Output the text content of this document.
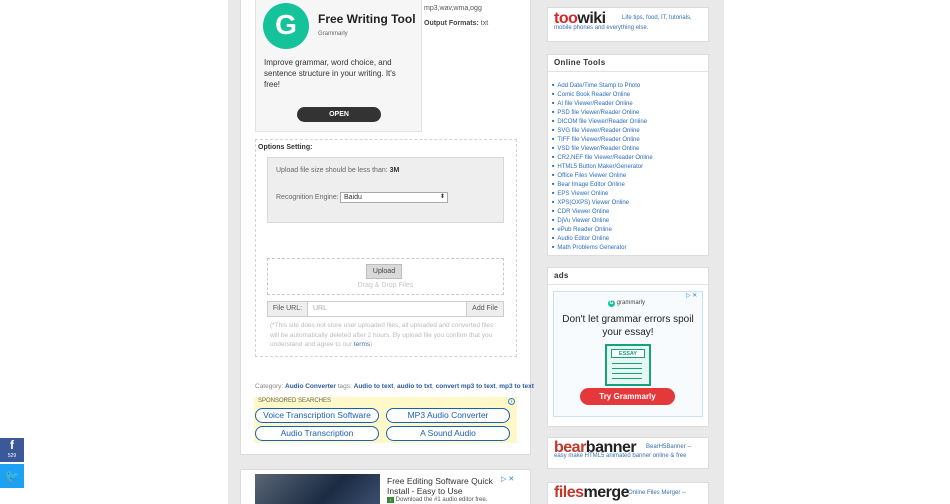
G	Free Writing Tool
Grammarly
Improve grammar, word choice, and sentence structure in your writing. It's free!
OPEN
mp3,wav,wma,ogg
Output Formats: txt
Options Setting:
Upload file size should be less than: 3M
Recognition Engine: Baidu	⬍
Upload
Drag & Drop Files
File URL:	URL	Add File
(*This site does not store user uploaded files, all uploaded and converted files will be automatically deleted after 2 hours. By upload file you confirm that you understand and agree to our terms)
Category: Audio Converter tags: Audio to text, audio to txt, convert mp3 to text, mp3 to text
SPONSORED SEARCHES	i
Voice Transcription Software	MP3 Audio Converter
Audio Transcription	A Sound Audio
Free Editing Software Quick Install - Easy to Use
↓ Download the #1 audio editor free.
▷ ✕
Life tips, food, IT, tutorials, mobile phones and everything else.
toowiki
Online Tools
■ Add Date/Time Stamp to Photo
■ Comic Book Reader Online
■ AI file Viewer/Reader Online
■ PSD file Viewer/Reader Online
■ DICOM file Viewer/Reader Online
■ SVG file Viewer/Reader Online
■ TIFF file Viewer/Reader Online
■ VSD file Viewer/Reader Online
■ CR2,NEF file Viewer/Reader Online
■ HTML5 Button Maker/Generator
■ Office Files Viewer Online
■ Bear Image Editor Online
■ EPS Viewer Online
■ XPS(OXPS) Viewer Online
■ CDR Viewer Online
■ DjVu Viewer Online
■ ePub Reader Online
■ Audio Editor Online
■ Math Problems Generator
ads
▷ ✕
G grammarly
Don't let grammar errors spoil your essay!
ESSAY
Try Grammarly
bearbanner	BearH5Banner -- easy make HTML5 animated banner online & free
filesmerge
Online Files Merger --
f
529
🐦
